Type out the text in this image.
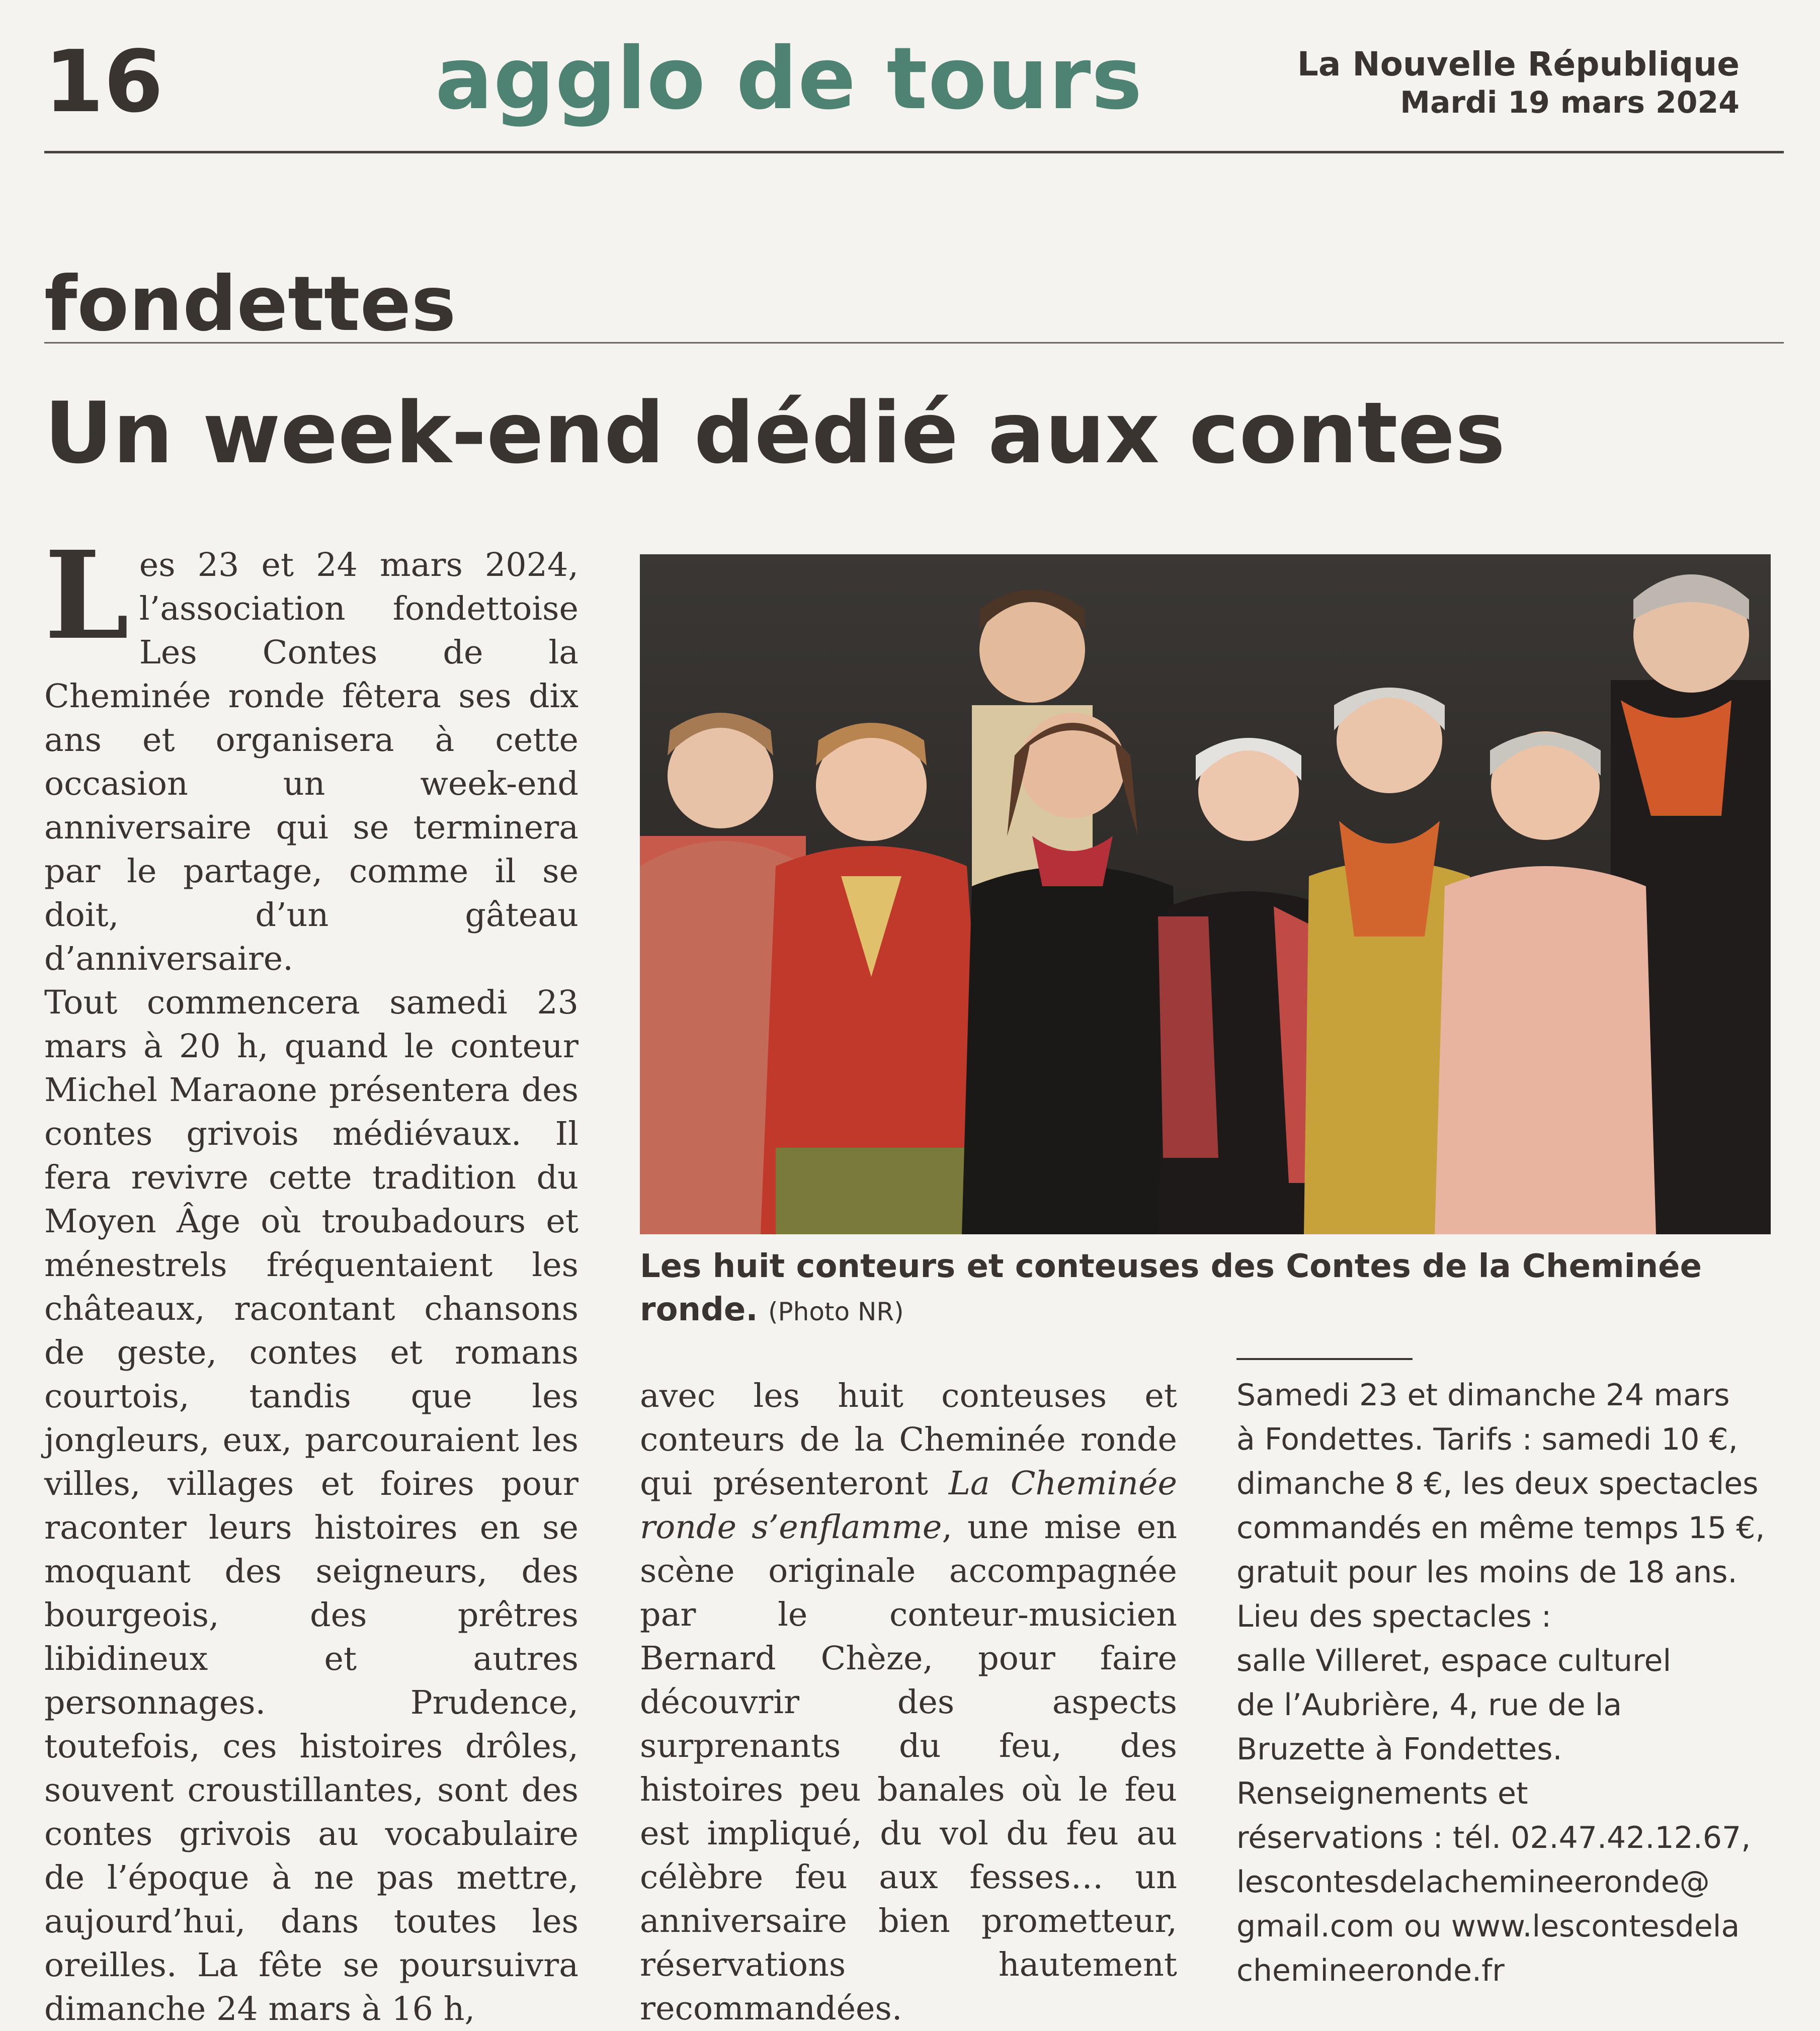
16	agglo de tours	La Nouvelle République
Mardi 19 mars 2024
fondettes
Un week-end dédié aux contes

Les 23 et 24 mars 2024, l’association fondettoise Les Contes de la Cheminée ronde fêtera ses dix ans et organisera à cette occasion un week-end anniversaire qui se terminera par le partage, comme il se doit, d’un gâteau d’anniversaire.

Tout commencera samedi 23 mars à 20 h, quand le conteur Michel Maraone présentera des contes grivois médiévaux. Il fera revivre cette tradition du Moyen Âge où troubadours et ménestrels fréquentaient les châteaux, racontant chansons de geste, contes et romans courtois, tandis que les jongleurs, eux, parcouraient les villes, villages et foires pour raconter leurs histoires en se moquant des seigneurs, des bourgeois, des prêtres libidineux et autres personnages. Prudence, toutefois, ces histoires drôles, souvent croustillantes, sont des contes grivois au vocabulaire de l’époque à ne pas mettre, aujourd’hui, dans toutes les oreilles. La fête se poursuivra dimanche 24 mars à 16 h,

Les huit conteurs et conteuses des Contes de la Cheminée ronde. (Photo NR)

avec les huit conteuses et conteurs de la Cheminée ronde qui présenteront La Cheminée ronde s’enflamme, une mise en scène originale accompagnée par le conteur-musicien Bernard Chèze, pour faire découvrir des aspects surprenants du feu, des histoires peu banales où le feu est impliqué, du vol du feu au célèbre feu aux fesses… un anniversaire bien prometteur, réservations hautement recommandées.

Samedi 23 et dimanche 24 mars
à Fondettes. Tarifs : samedi 10 €,
dimanche 8 €, les deux spectacles
commandés en même temps 15 €,
gratuit pour les moins de 18 ans.
Lieu des spectacles :
salle Villeret, espace culturel
de l’Aubrière, 4, rue de la
Bruzette à Fondettes.
Renseignements et
réservations : tél. 02.47.42.12.67,
lescontesdelachemineeronde@
gmail.com ou www.lescontesdela
chemineeronde.fr
